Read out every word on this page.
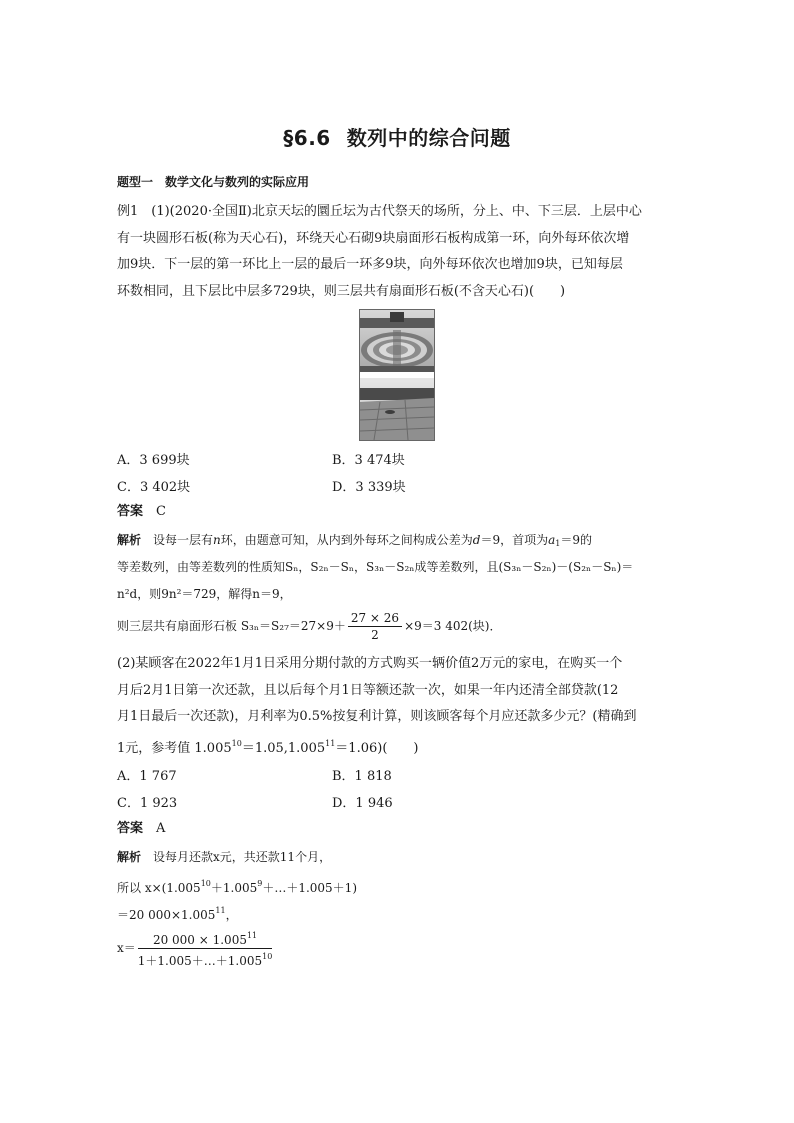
§6.6 数列中的综合问题
题型一　 数学文化与数列的实际应用
例1　(1)(2020·全国Ⅱ)北京天坛的圜丘坛为古代祭天的场所，分上、中、下三层．上层中心
有一块圆形石板(称为天心石)，环绕天心石砌9块扇面形石板构成第一环，向外每环依次增
加9块．下一层的第一环比上一层的最后一环多9块，向外每环依次也增加9块，已知每层
环数相同，且下层比中层多729块，则三层共有扇面形石板(不含天心石)(　　)
A．3 699块	B．3 474块
C．3 402块	D．3 339块
答案　 C
解析　 设每一层有n环，由题意可知，从内到外每环之间构成公差为d＝9，首项为$a_1=9$的
等差数列，由等差数列的性质知Sₙ，S₂ₙ－Sₙ，S₃ₙ－S₂ₙ成等差数列，且(S₃ₙ－S₂ₙ)－(S₂ₙ－Sₙ)＝
n²d，则9n²＝729，解得n＝9，
则三层共有扇面形石板 $S_{3n}=S_{27}=27\times 9+ \frac{27 \times 26}{2} \times 9=3$ 402(块)．
(2)某顾客在2022年1月1日采用分期付款的方式购买一辆价值2万元的家电，在购买一个
月后2月1日第一次还款，且以后每个月1日等额还款一次，如果一年内还清全部贷款(12
月1日最后一次还款)，月利率为0.5%按复利计算，则该顾客每个月应还款多少元？(精确到
1元，参考值 $1.005^{10}=1.05,1.005^{11}=1.06$)(　　)
A．1 767	B．1 818
C．1 923	D．1 946
答案　 A
解析　 设每月还款x元，共还款11个月，
所以 $x\times(1.005^{10}+1.005^9+\dots+1.005+1)$
＝20 $000\times 1.005^{11}$，
$x= \frac{20 000 \times 1.005^{11}}{1+1.005+\dots+1.005^{10}}$
